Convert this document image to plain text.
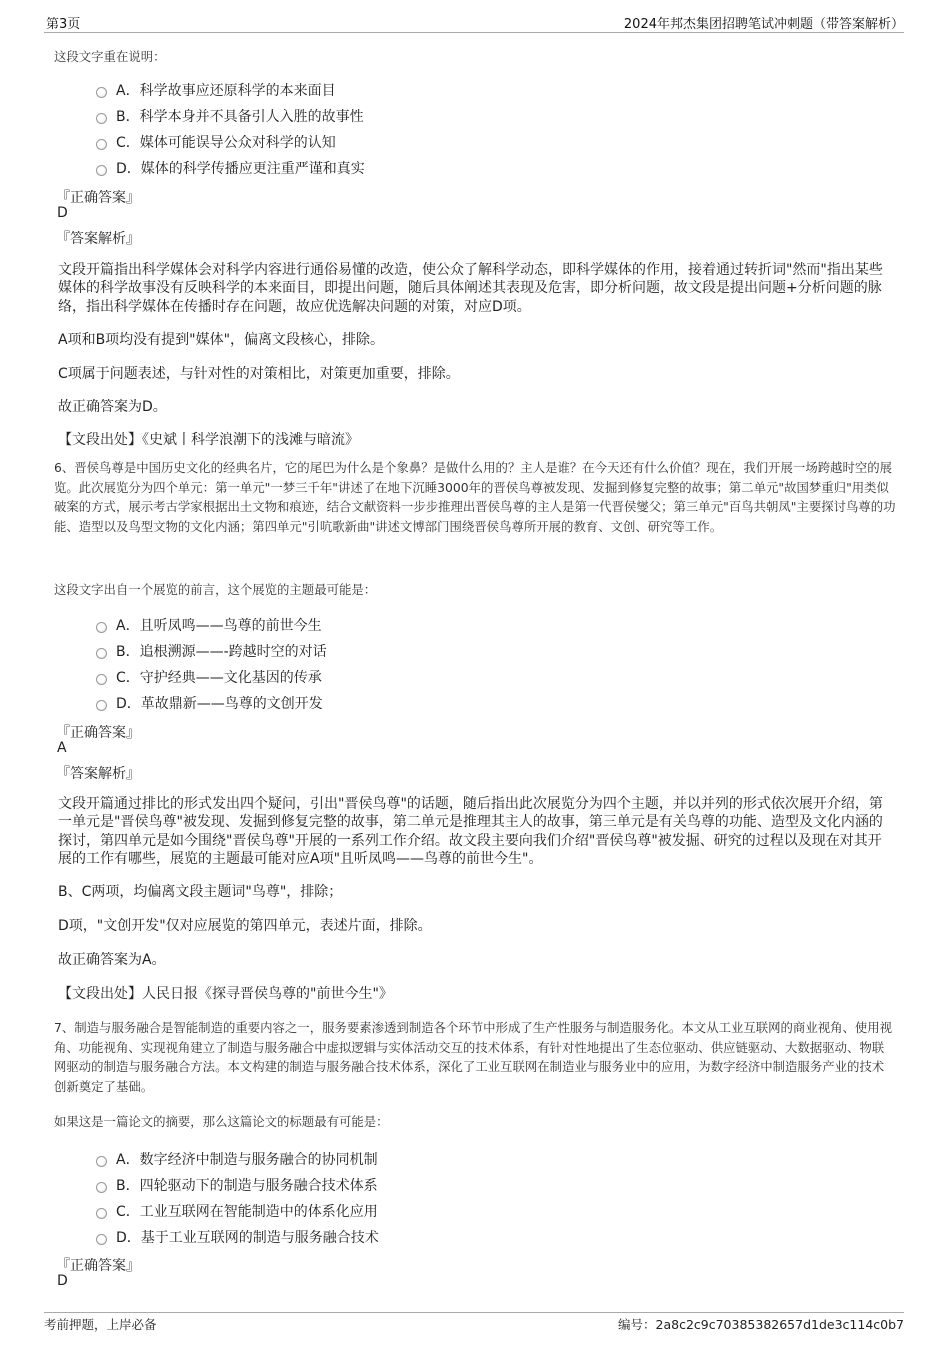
第3页	2024年邦杰集团招聘笔试冲刺题（带答案解析）
这段文字重在说明：
A．科学故事应还原科学的本来面目
B．科学本身并不具备引人入胜的故事性
C．媒体可能误导公众对科学的认知
D．媒体的科学传播应更注重严谨和真实
『正确答案』
D
『答案解析』
文段开篇指出科学媒体会对科学内容进行通俗易懂的改造，使公众了解科学动态，即科学媒体的作用，接着通过转折词"然而"指出某些媒体的科学故事没有反映科学的本来面目，即提出问题，随后具体阐述其表现及危害，即分析问题，故文段是提出问题+分析问题的脉络，指出科学媒体在传播时存在问题，故应优选解决问题的对策，对应D项。
A项和B项均没有提到"媒体"，偏离文段核心，排除。
C项属于问题表述，与针对性的对策相比，对策更加重要，排除。
故正确答案为D。
【文段出处】《史斌丨科学浪潮下的浅滩与暗流》
6、晋侯鸟尊是中国历史文化的经典名片，它的尾巴为什么是个象鼻？是做什么用的？主人是谁？在今天还有什么价值？现在，我们开展一场跨越时空的展览。此次展览分为四个单元：第一单元"一梦三千年"讲述了在地下沉睡3000年的晋侯鸟尊被发现、发掘到修复完整的故事；第二单元"故国梦重归"用类似破案的方式，展示考古学家根据出土文物和痕迹，结合文献资料一步步推理出晋侯鸟尊的主人是第一代晋侯燮父；第三单元"百鸟共朝凤"主要探讨鸟尊的功能、造型以及鸟型文物的文化内涵；第四单元"引吭歌新曲"讲述文博部门围绕晋侯鸟尊所开展的教育、文创、研究等工作。
这段文字出自一个展览的前言，这个展览的主题最可能是：
A．且听凤鸣——鸟尊的前世今生
B．追根溯源——-跨越时空的对话
C．守护经典——文化基因的传承
D．革故鼎新——鸟尊的文创开发
『正确答案』
A
『答案解析』
文段开篇通过排比的形式发出四个疑问，引出"晋侯鸟尊"的话题，随后指出此次展览分为四个主题，并以并列的形式依次展开介绍，第一单元是"晋侯鸟尊"被发现、发掘到修复完整的故事，第二单元是推理其主人的故事，第三单元是有关鸟尊的功能、造型及文化内涵的探讨，第四单元是如今围绕"晋侯鸟尊"开展的一系列工作介绍。故文段主要向我们介绍"晋侯鸟尊"被发掘、研究的过程以及现在对其开展的工作有哪些，展览的主题最可能对应A项"且听凤鸣——鸟尊的前世今生"。
B、C两项，均偏离文段主题词"鸟尊"，排除；
D项，"文创开发"仅对应展览的第四单元，表述片面，排除。
故正确答案为A。
【文段出处】人民日报《探寻晋侯鸟尊的"前世今生"》
7、制造与服务融合是智能制造的重要内容之一，服务要素渗透到制造各个环节中形成了生产性服务与制造服务化。本文从工业互联网的商业视角、使用视角、功能视角、实现视角建立了制造与服务融合中虚拟逻辑与实体活动交互的技术体系，有针对性地提出了生态位驱动、供应链驱动、大数据驱动、物联网驱动的制造与服务融合方法。本文构建的制造与服务融合技术体系，深化了工业互联网在制造业与服务业中的应用，为数字经济中制造服务产业的技术创新奠定了基础。
如果这是一篇论文的摘要，那么这篇论文的标题最有可能是：
A．数字经济中制造与服务融合的协同机制
B．四轮驱动下的制造与服务融合技术体系
C．工业互联网在智能制造中的体系化应用
D．基于工业互联网的制造与服务融合技术
『正确答案』
D
考前押题，上岸必备	编号：2a8c2c9c70385382657d1de3c114c0b7
